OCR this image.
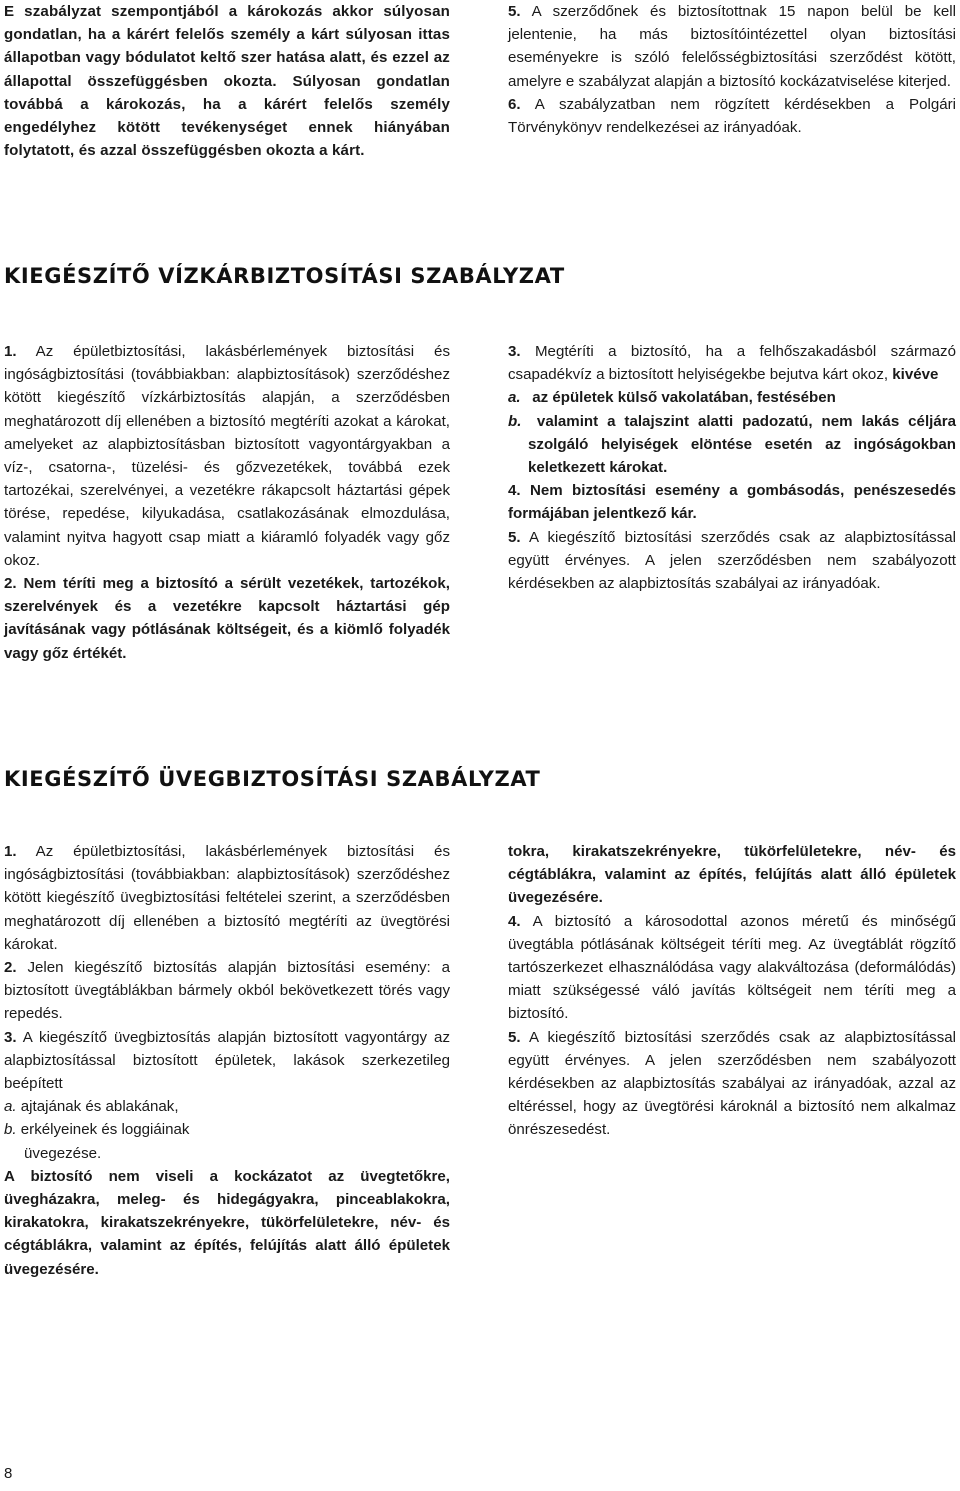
E szabályzat szempontjából a károkozás akkor súlyosan gondatlan, ha a kárért felelős személy a kárt súlyosan ittas állapotban vagy bódulatot keltő szer hatása alatt, és ezzel az állapottal összefüggésben okozta. Súlyosan gondatlan továbbá a károkozás, ha a kárért felelős személy engedélyhez kötött tevékenységet ennek hiányában folytatott, és azzal összefüggésben okozta a kárt.

5. A szerződőnek és biztosítottnak 15 napon belül be kell jelentenie, ha más biztosítóintézettel olyan biztosítási eseményekre is szóló felelősségbiztosítási szerződést kötött, amelyre e szabályzat alapján a biztosító kockázatviselése kiterjed.

6. A szabályzatban nem rögzített kérdésekben a Polgári Törvénykönyv rendelkezései az irányadóak.

KIEGÉSZÍTŐ VÍZKÁRBIZTOSÍTÁSI SZABÁLYZAT

1. Az épületbiztosítási, lakásbérlemények biztosítási és ingóságbiztosítási (továbbiakban: alapbiztosítások) szerződéshez kötött kiegészítő vízkárbiztosítás alapján, a szerződésben meghatározott díj ellenében a biztosító megtéríti azokat a károkat, amelyeket az alapbiztosításban biztosított vagyontárgyakban a víz-, csatorna-, tüzelési- és gőzvezetékek, továbbá ezek tartozékai, szerelvényei, a vezetékre rákapcsolt háztartási gépek törése, repedése, kilyukadása, csatlakozásának elmozdulása, valamint nyitva hagyott csap miatt a kiáramló folyadék vagy gőz okoz.

2. Nem téríti meg a biztosító a sérült vezetékek, tartozékok, szerelvények és a vezetékre kapcsolt háztartási gép javításának vagy pótlásának költségeit, és a kiömlő folyadék vagy gőz értékét.

3. Megtéríti a biztosító, ha a felhőszakadásból származó csapadékvíz a biztosított helyiségekbe bejutva kárt okoz, kivéve

a. az épületek külső vakolatában, festésében

b. valamint a talajszint alatti padozatú, nem lakás céljára szolgáló helyiségek elöntése esetén az ingóságokban keletkezett károkat.

4. Nem biztosítási esemény a gombásodás, penészesedés formájában jelentkező kár.

5. A kiegészítő biztosítási szerződés csak az alapbiztosítással együtt érvényes. A jelen szerződésben nem szabályozott kérdésekben az alapbiztosítás szabályai az irányadóak.

KIEGÉSZÍTŐ ÜVEGBIZTOSÍTÁSI SZABÁLYZAT

1. Az épületbiztosítási, lakásbérlemények biztosítási és ingóságbiztosítási (továbbiakban: alapbiztosítások) szerződéshez kötött kiegészítő üvegbiztosítási feltételei szerint, a szerződésben meghatározott díj ellenében a biztosító megtéríti az üvegtörési károkat.

2. Jelen kiegészítő biztosítás alapján biztosítási esemény: a biztosított üvegtáblákban bármely okból bekövetkezett törés vagy repedés.

3. A kiegészítő üvegbiztosítás alapján biztosított vagyontárgy az alapbiztosítással biztosított épületek, lakások szerkezetileg beépített

a. ajtajának és ablakának,

b. erkélyeinek és loggiáinak

üvegezése.

A biztosító nem viseli a kockázatot az üvegtetőkre, üvegházakra, meleg- és hidegágyakra, pinceablakokra, kirakatokra, kirakatszekrényekre, tükörfelületekre, név- és cégtáblákra, valamint az építés, felújítás alatt álló épületek üvegezésére.

tokra, kirakatszekrényekre, tükörfelületekre, név- és cégtáblákra, valamint az építés, felújítás alatt álló épületek üvegezésére.

4. A biztosító a károsodottal azonos méretű és minőségű üvegtábla pótlásának költségeit téríti meg. Az üvegtáblát rögzítő tartószerkezet elhasználódása vagy alakváltozása (deformálódás) miatt szükségessé váló javítás költségeit nem téríti meg a biztosító.

5. A kiegészítő biztosítási szerződés csak az alapbiztosítással együtt érvényes. A jelen szerződésben nem szabályozott kérdésekben az alapbiztosítás szabályai az irányadóak, azzal az eltéréssel, hogy az üvegtörési károknál a biztosító nem alkalmaz önrészesedést.

8
